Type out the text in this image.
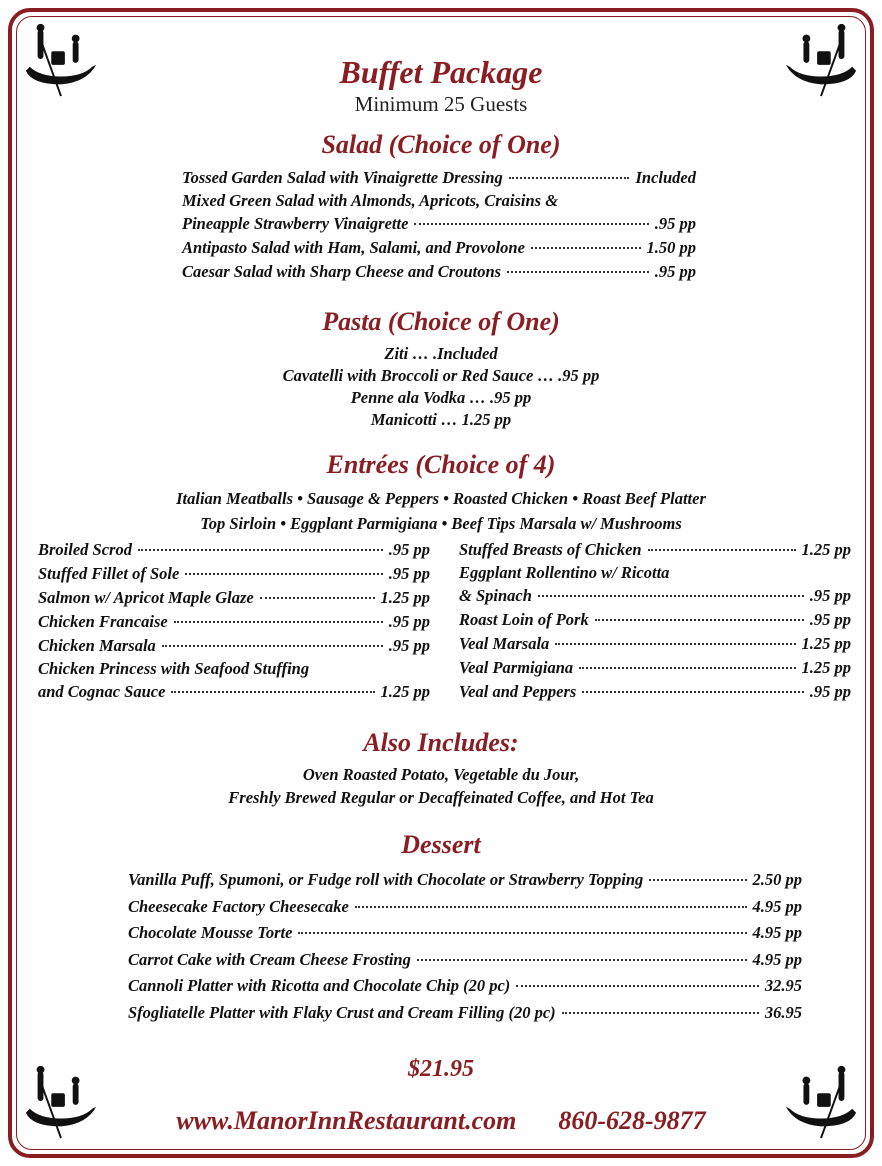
Buffet Package
Minimum 25 Guests
Salad (Choice of One)
Tossed Garden Salad with Vinaigrette Dressing	Included
Mixed Green Salad with Almonds, Apricots, Craisins &
Pineapple Strawberry Vinaigrette	.95 pp
Antipasto Salad with Ham, Salami, and Provolone	1.50 pp
Caesar Salad with Sharp Cheese and Croutons	.95 pp
Pasta (Choice of One)
Ziti … .Included
Cavatelli with Broccoli or Red Sauce … .95 pp
Penne ala Vodka … .95 pp
Manicotti … 1.25 pp
Entrées (Choice of 4)
Italian Meatballs • Sausage & Peppers • Roasted Chicken • Roast Beef Platter
Top Sirloin • Eggplant Parmigiana • Beef Tips Marsala w/ Mushrooms
Broiled Scrod	.95 pp
Stuffed Fillet of Sole	.95 pp
Salmon w/ Apricot Maple Glaze	1.25 pp
Chicken Francaise	.95 pp
Chicken Marsala	.95 pp
Chicken Princess with Seafood Stuffing
and Cognac Sauce	1.25 pp
Stuffed Breasts of Chicken	1.25 pp
Eggplant Rollentino w/ Ricotta
& Spinach	.95 pp
Roast Loin of Pork	.95 pp
Veal Marsala	1.25 pp
Veal Parmigiana	1.25 pp
Veal and Peppers	.95 pp
Also Includes:
Oven Roasted Potato, Vegetable du Jour,
Freshly Brewed Regular or Decaffeinated Coffee, and Hot Tea
Dessert
Vanilla Puff, Spumoni, or Fudge roll with Chocolate or Strawberry Topping	2.50 pp
Cheesecake Factory Cheesecake	4.95 pp
Chocolate Mousse Torte	4.95 pp
Carrot Cake with Cream Cheese Frosting	4.95 pp
Cannoli Platter with Ricotta and Chocolate Chip (20 pc)	32.95
Sfogliatelle Platter with Flaky Crust and Cream Filling (20 pc)	36.95
$21.95
www.ManorInnRestaurant.com 860-628-9877
